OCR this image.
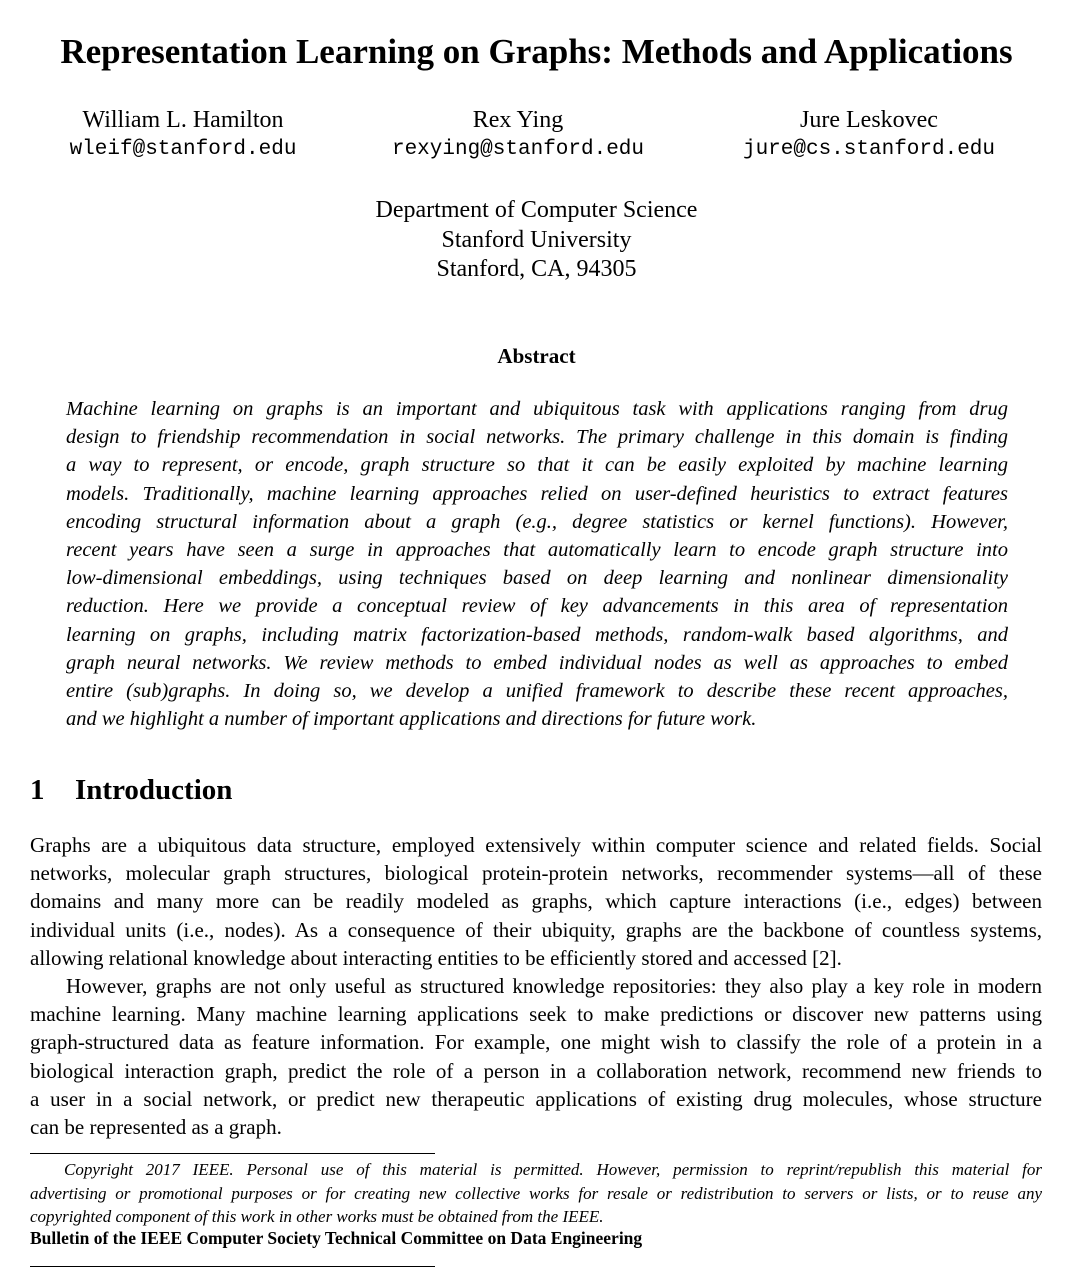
Representation Learning on Graphs: Methods and Applications
William L. Hamilton
wleif@stanford.edu
Rex Ying
rexying@stanford.edu
Jure Leskovec
jure@cs.stanford.edu
Department of Computer Science
Stanford University
Stanford, CA, 94305
Abstract
Machine learning on graphs is an important and ubiquitous task with applications ranging from drug
design to friendship recommendation in social networks. The primary challenge in this domain is finding
a way to represent, or encode, graph structure so that it can be easily exploited by machine learning
models. Traditionally, machine learning approaches relied on user-defined heuristics to extract features
encoding structural information about a graph (e.g., degree statistics or kernel functions). However,
recent years have seen a surge in approaches that automatically learn to encode graph structure into
low-dimensional embeddings, using techniques based on deep learning and nonlinear dimensionality
reduction. Here we provide a conceptual review of key advancements in this area of representation
learning on graphs, including matrix factorization-based methods, random-walk based algorithms, and
graph neural networks. We review methods to embed individual nodes as well as approaches to embed
entire (sub)graphs. In doing so, we develop a unified framework to describe these recent approaches,
and we highlight a number of important applications and directions for future work.
1 Introduction
Graphs are a ubiquitous data structure, employed extensively within computer science and related fields. Social
networks, molecular graph structures, biological protein-protein networks, recommender systems—all of these
domains and many more can be readily modeled as graphs, which capture interactions (i.e., edges) between
individual units (i.e., nodes). As a consequence of their ubiquity, graphs are the backbone of countless systems,
allowing relational knowledge about interacting entities to be efficiently stored and accessed [2].
However, graphs are not only useful as structured knowledge repositories: they also play a key role in modern
machine learning. Many machine learning applications seek to make predictions or discover new patterns using
graph-structured data as feature information. For example, one might wish to classify the role of a protein in a
biological interaction graph, predict the role of a person in a collaboration network, recommend new friends to
a user in a social network, or predict new therapeutic applications of existing drug molecules, whose structure
can be represented as a graph.
Copyright 2017 IEEE. Personal use of this material is permitted. However, permission to reprint/republish this material for
advertising or promotional purposes or for creating new collective works for resale or redistribution to servers or lists, or to reuse any
copyrighted component of this work in other works must be obtained from the IEEE.
Bulletin of the IEEE Computer Society Technical Committee on Data Engineering
